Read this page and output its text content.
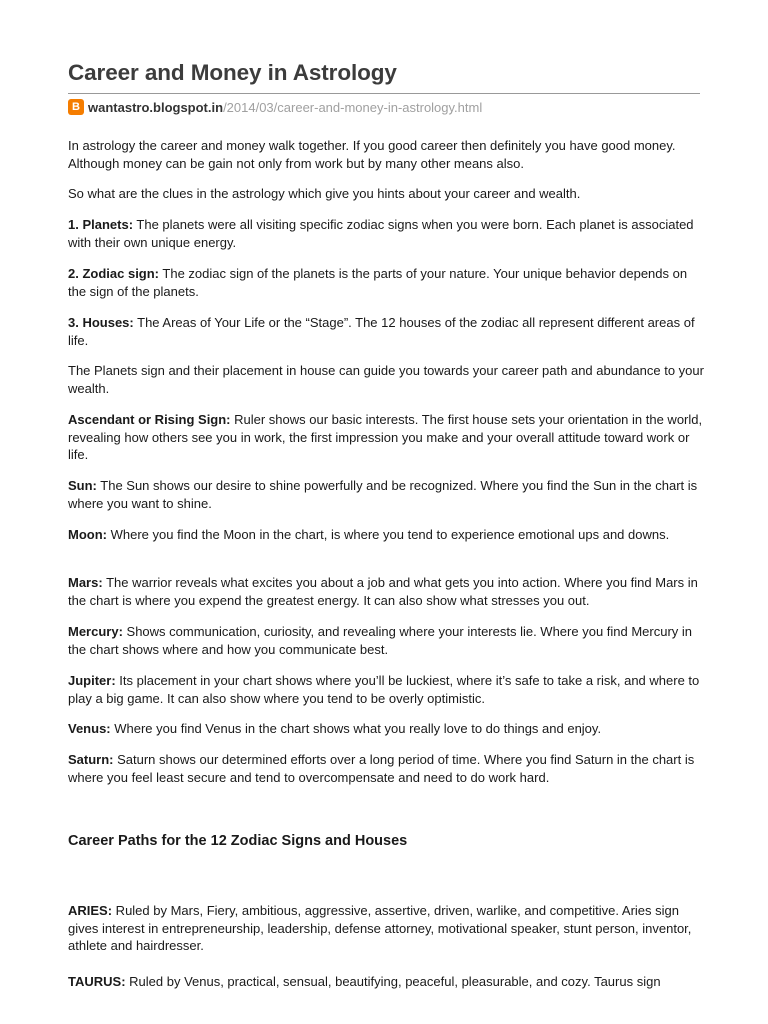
Career and Money in Astrology
B wantastro.blogspot.in /2014/03/career-and-money-in-astrology.html

In astrology the career and money walk together. If you good career then definitely you have good money. Although money can be gain not only from work but by many other means also.

So what are the clues in the astrology which give you hints about your career and wealth.

1. Planets: The planets were all visiting specific zodiac signs when you were born. Each planet is associated with their own unique energy.

2. Zodiac sign: The zodiac sign of the planets is the parts of your nature. Your unique behavior depends on the sign of the planets.

3. Houses: The Areas of Your Life or the “Stage”. The 12 houses of the zodiac all represent different areas of life.

The Planets sign and their placement in house can guide you towards your career path and abundance to your wealth.

Ascendant or Rising Sign: Ruler shows our basic interests. The first house sets your orientation in the world, revealing how others see you in work, the first impression you make and your overall attitude toward work or life.

Sun: The Sun shows our desire to shine powerfully and be recognized. Where you find the Sun in the chart is where you want to shine.

Moon: Where you find the Moon in the chart, is where you tend to experience emotional ups and downs.

Mars: The warrior reveals what excites you about a job and what gets you into action. Where you find Mars in the chart is where you expend the greatest energy. It can also show what stresses you out.

Mercury: Shows communication, curiosity, and revealing where your interests lie. Where you find Mercury in the chart shows where and how you communicate best.

Jupiter: Its placement in your chart shows where you’ll be luckiest, where it’s safe to take a risk, and where to play a big game. It can also show where you tend to be overly optimistic.

Venus: Where you find Venus in the chart shows what you really love to do things and enjoy.

Saturn: Saturn shows our determined efforts over a long period of time. Where you find Saturn in the chart is where you feel least secure and tend to overcompensate and need to do work hard.

ARIES: Ruled by Mars, Fiery, ambitious, aggressive, assertive, driven, warlike, and competitive. Aries sign gives interest in entrepreneurship, leadership, defense attorney, motivational speaker, stunt person, inventor, athlete and hairdresser.

TAURUS: Ruled by Venus, practical, sensual, beautifying, peaceful, pleasurable, and cozy. Taurus sign

Career Paths for the 12 Zodiac Signs and Houses
